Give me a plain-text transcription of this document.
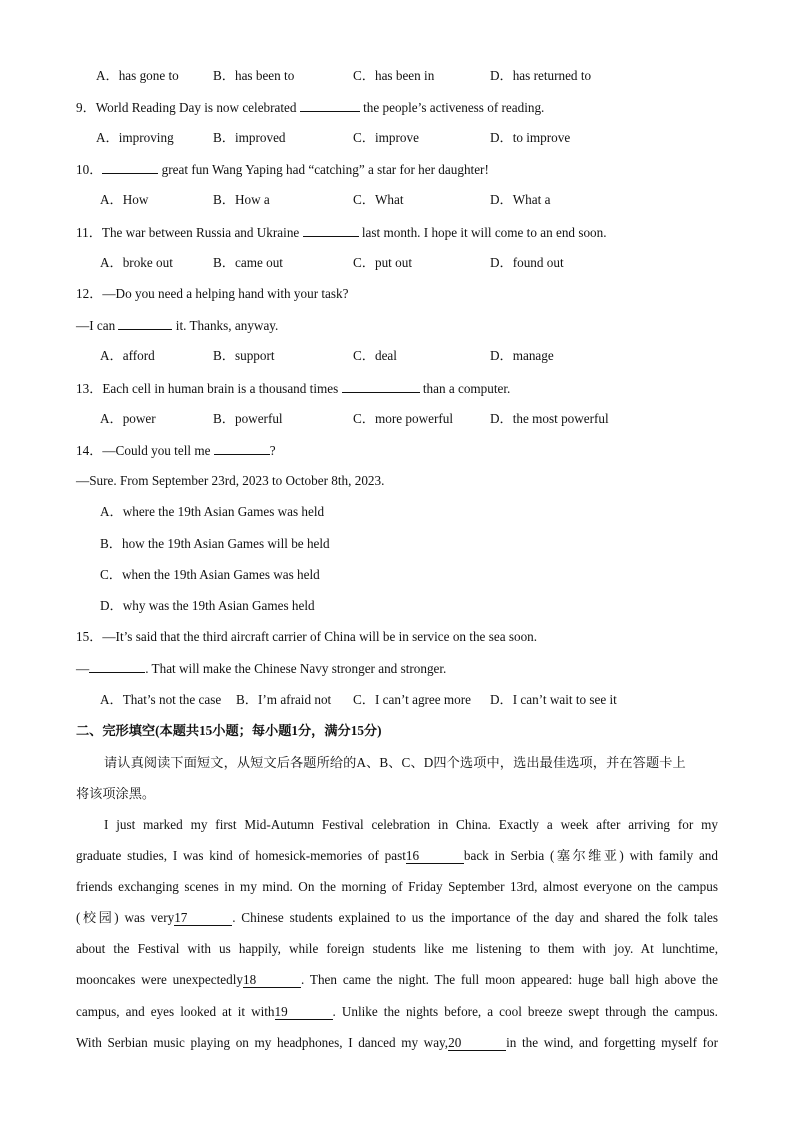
A．has gone to	B．has been to	C．has been in	D．has returned to
9．World Reading Day is now celebrated	the people’s activeness of reading.
A．improving	B．improved	C．improve	D．to improve
10．	great fun Wang Yaping had “catching” a star for her daughter!
A．How	B．How a	C．What	D．What a
11．The war between Russia and Ukraine	last month. I hope it will come to an end soon.
A．broke out	B．came out	C．put out	D．found out
12．—Do you need a helping hand with your task?
—I can	it. Thanks, anyway.
A．afford	B．support	C．deal	D．manage
13．Each cell in human brain is a thousand times	than a computer.
A．power	B．powerful	C．more powerful	D．the most powerful
14．—Could you tell me	?
—Sure. From September 23rd, 2023 to October 8th, 2023.
A．where the 19th Asian Games was held
B．how the 19th Asian Games will be held
C．when the 19th Asian Games was held
D．why was the 19th Asian Games held
15．—It’s said that the third aircraft carrier of China will be in service on the sea soon.
—	. That will make the Chinese Navy stronger and stronger.
A．That’s not the case B．I’m afraid not C．I can’t agree more D．I can’t wait to see it
二、完形填空(本题共15小题；每小题1分，满分15分)
请认真阅读下面短文，从短文后各题所给的A、B、C、D四个选项中，选出最佳选项，并在答题卡上
将该项涂黑。
I just marked my first Mid-Autumn Festival celebration in China. Exactly a week after arriving for my
graduate studies, I was kind of homesick-memories of past16	back in Serbia (塞尔维亚) with family and
friends exchanging scenes in my mind. On the morning of Friday September 13rd, almost everyone on the campus
(校园) was very17	. Chinese students explained to us the importance of the day and shared the folk tales
about the Festival with us happily, while foreign students like me listening to them with joy. At lunchtime,
mooncakes were unexpectedly18	. Then came the night. The full moon appeared: huge ball high above the
campus, and eyes looked at it with19	. Unlike the nights before, a cool breeze swept through the campus.
With Serbian music playing on my headphones, I danced my way,20	in the wind, and forgetting myself for
